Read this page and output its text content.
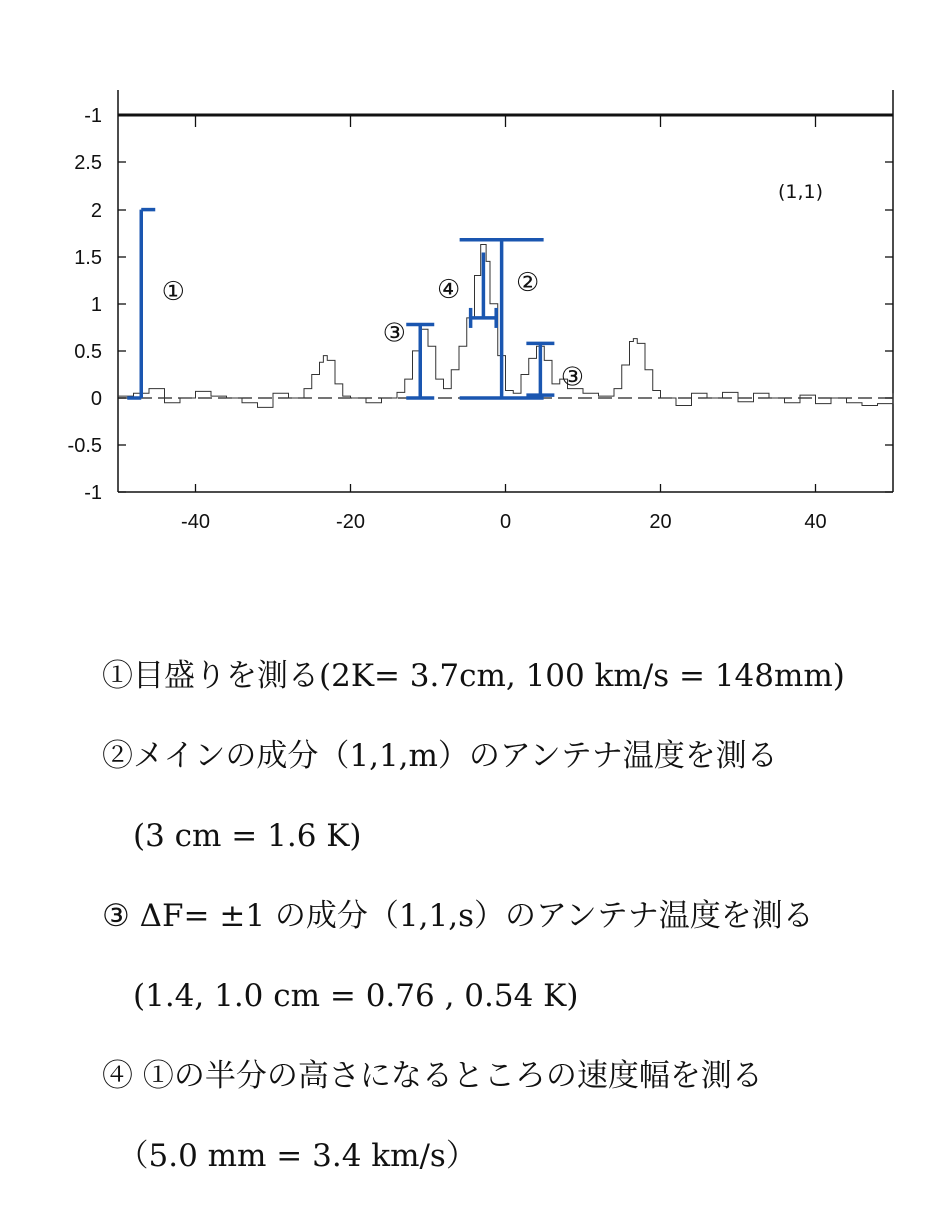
-1
-0.5
0
0.5
1
1.5
2
2.5
-1
-40	-20	0	20	40
①	②
③
③
④
(1,1)
①目盛りを測る(2K= 3.7cm, 100 km/s = 148mm)
②メインの成分（1,1,m）のアンテナ温度を測る
　(3 cm = 1.6 K)
③ ΔF= ±1 の成分（1,1,s）のアンテナ温度を測る
　(1.4, 1.0 cm = 0.76 , 0.54 K)
④ ①の半分の高さになるところの速度幅を測る
　（5.0 mm = 3.4 km/s）
